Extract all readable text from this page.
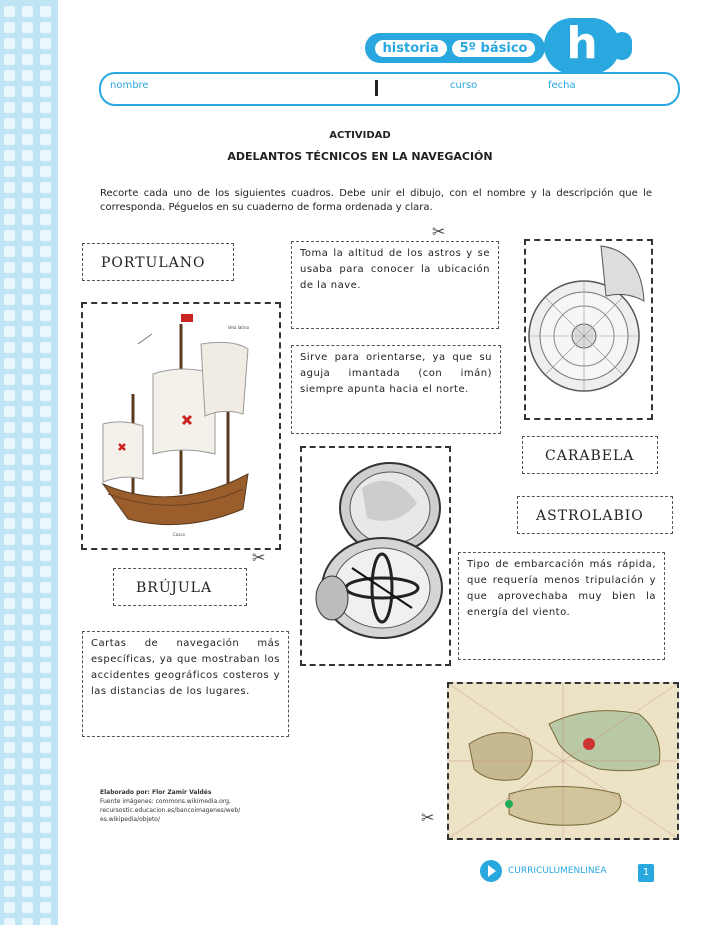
historia 5º básico h
nombre	curso	fecha
ACTIVIDAD
ADELANTOS TÉCNICOS EN LA NAVEGACIÓN
Recorte cada uno de los siguientes cuadros. Debe unir el dibujo, con el nombre y la descripción que le corresponda. Péguelos en su cuaderno de forma ordenada y clara.
PORTULANO
BRÚJULA
CARABELA
ASTROLABIO
Toma la altitud de los astros y se usaba para conocer la ubicación de la nave.
Sirve para orientarse, ya que su aguja imantada (con imán) siempre apunta hacia el norte.
Tipo de embarcación más rápida, que requería menos tripulación y que aprovechaba muy bien la energía del viento.
Cartas de navegación más específicas, ya que mostraban los accidentes geográficos costeros y las distancias de los lugares.
Vela latina
Casco
✂
✂
✂
Elaborado por: Flor Zamir Valdés
Fuente imágenes: commons.wikimedia.org,
recursostic.educacion.es/bancoimagenes/web/
es.wikipedia/objeto/
CURRICULUMENLINEA	1
